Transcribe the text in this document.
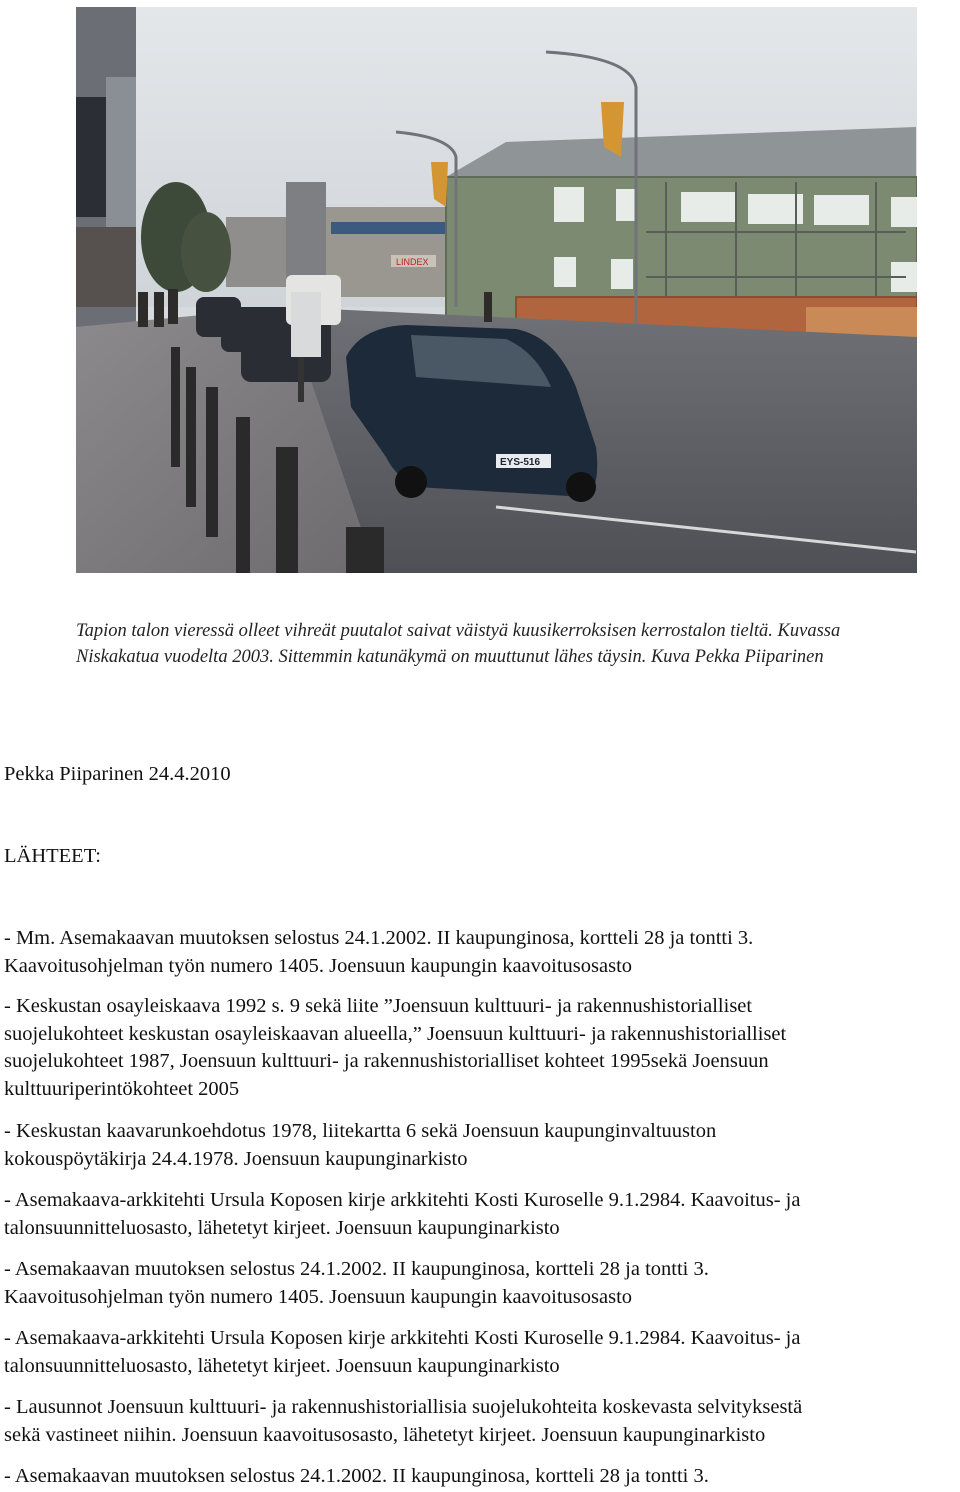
LINDEX
EYS-516
Tapion talon vieressä olleet vihreät puutalot saivat väistyä kuusikerroksisen kerrostalon tieltä. Kuvassa
Niskakatua vuodelta 2003. Sittemmin katunäkymä on muuttunut lähes täysin. Kuva Pekka Piiparinen
Pekka Piiparinen 24.4.2010
LÄHTEET:
- Mm. Asemakaavan muutoksen selostus 24.1.2002. II kaupunginosa, kortteli 28 ja tontti 3.
Kaavoitusohjelman työn numero 1405. Joensuun kaupungin kaavoitusosasto
- Keskustan osayleiskaava 1992 s. 9 sekä liite ”Joensuun kulttuuri- ja rakennushistorialliset
suojelukohteet keskustan osayleiskaavan alueella,” Joensuun kulttuuri- ja rakennushistorialliset
suojelukohteet 1987, Joensuun kulttuuri- ja rakennushistorialliset kohteet 1995sekä Joensuun
kulttuuriperintökohteet 2005
- Keskustan kaavarunkoehdotus 1978, liitekartta 6 sekä Joensuun kaupunginvaltuuston
kokouspöytäkirja 24.4.1978. Joensuun kaupunginarkisto
- Asemakaava-arkkitehti Ursula Koposen kirje arkkitehti Kosti Kuroselle 9.1.2984. Kaavoitus- ja
talonsuunnitteluosasto, lähetetyt kirjeet. Joensuun kaupunginarkisto
- Asemakaavan muutoksen selostus 24.1.2002. II kaupunginosa, kortteli 28 ja tontti 3.
Kaavoitusohjelman työn numero 1405. Joensuun kaupungin kaavoitusosasto
- Asemakaava-arkkitehti Ursula Koposen kirje arkkitehti Kosti Kuroselle 9.1.2984. Kaavoitus- ja
talonsuunnitteluosasto, lähetetyt kirjeet. Joensuun kaupunginarkisto
- Lausunnot Joensuun kulttuuri- ja rakennushistoriallisia suojelukohteita koskevasta selvityksestä
sekä vastineet niihin. Joensuun kaavoitusosasto, lähetetyt kirjeet. Joensuun kaupunginarkisto
- Asemakaavan muutoksen selostus 24.1.2002. II kaupunginosa, kortteli 28 ja tontti 3.
